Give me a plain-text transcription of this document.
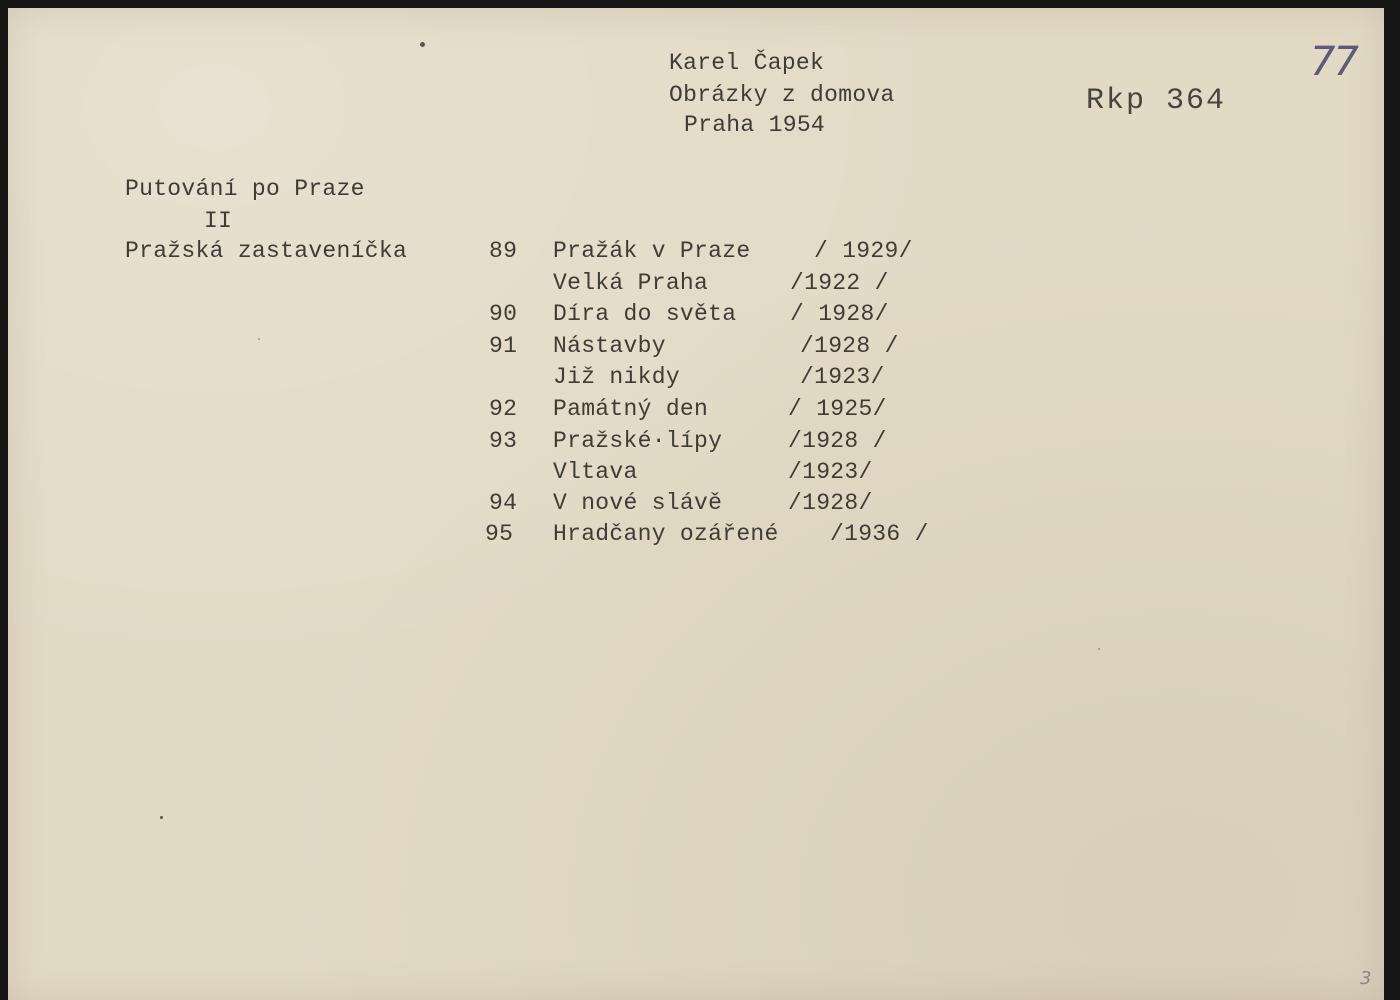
Karel Čapek
Obrázky z domova
Praha 1954
Rkp 364
77
3
Putování po Praze
II
Pražská zastaveníčka	89 Pražák v Praze	/ 1929/
Velká Praha	/1922 /
90 Díra do světa / 1928/
91 Nástavby	/1928 /
Již nikdy	/1923/
92 Památný den	/ 1925/
93 Pražské·lípy	/1928 /
Vltava	/1923/
94 V nové slávě	/1928/
95 Hradčany ozářené /1936 /
